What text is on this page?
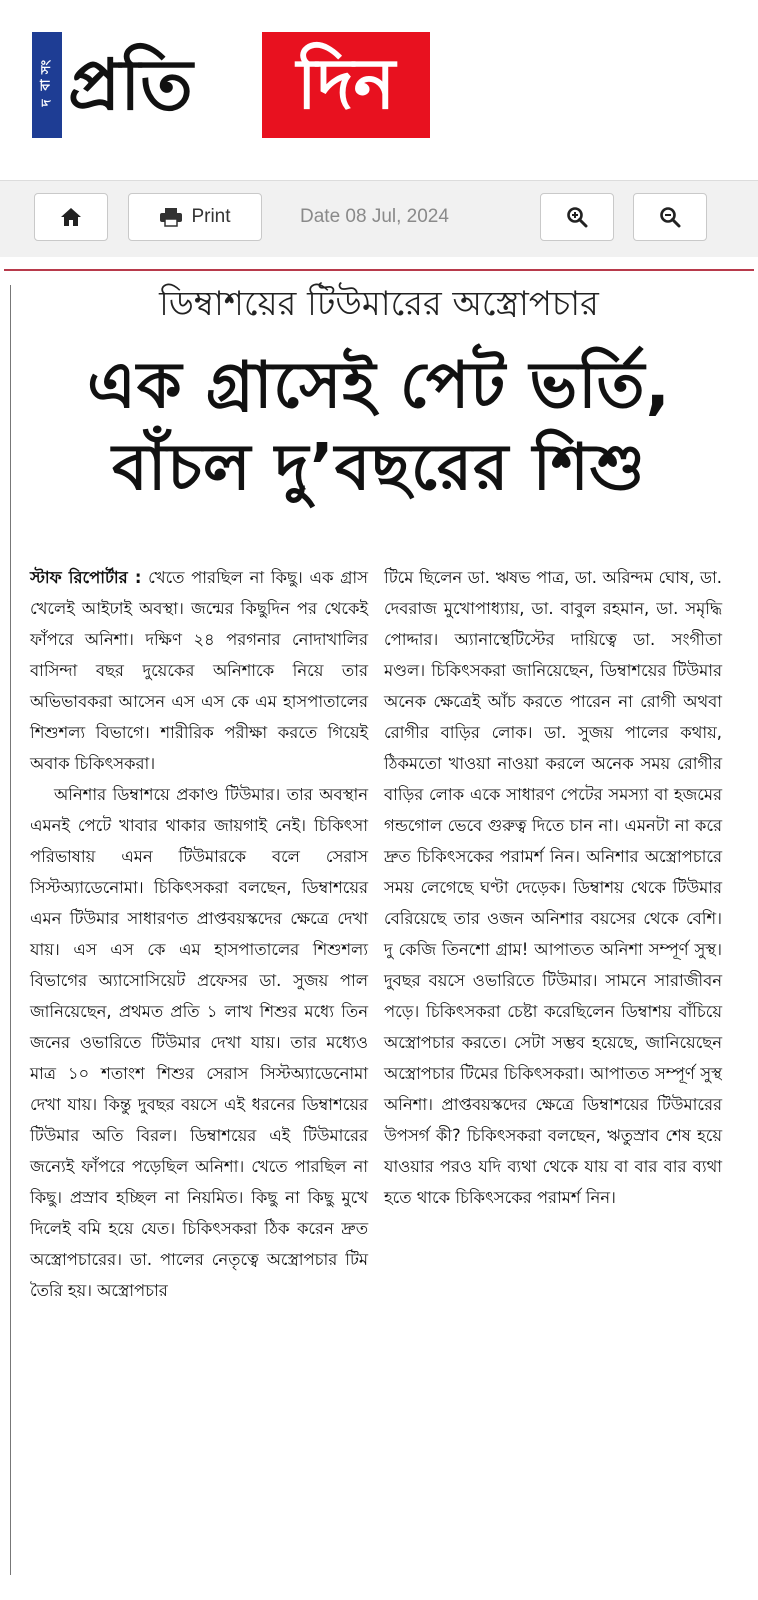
সং
বা
দ প্রতি	দিন
Print	Date 08 Jul, 2024
ডিম্বাশয়ের টিউমারের অস্ত্রোপচার
এক গ্রাসেই পেট ভর্তি,
বাঁচল দু’বছরের শিশু

স্টাফ রিপোর্টার : খেতে পারছিল না কিছু। এক গ্রাস খেলেই আইঢাই অবস্থা। জন্মের কিছুদিন পর থেকেই ফাঁপরে অনিশা। দক্ষিণ ২৪ পরগনার নোদাখালির বাসিন্দা বছর দুয়েকের অনিশাকে নিয়ে তার অভিভাবকরা আসেন এস এস কে এম হাসপাতালের শিশুশল্য বিভাগে। শারীরিক পরীক্ষা করতে গিয়েই অবাক চিকিৎসকরা।

অনিশার ডিম্বাশয়ে প্রকাণ্ড টিউমার। তার অবস্থান এমনই পেটে খাবার থাকার জায়গাই নেই। চিকিৎসা পরিভাষায় এমন টিউমারকে বলে সেরাস সিস্টঅ্যাডেনোমা। চিকিৎসকরা বলছেন, ডিম্বাশয়ের এমন টিউমার সাধারণত প্রাপ্তবয়স্কদের ক্ষেত্রে দেখা যায়। এস এস কে এম হাসপাতালের শিশুশল্য বিভাগের অ্যাসোসিয়েট প্রফেসর ডা. সুজয় পাল জানিয়েছেন, প্রথমত প্রতি ১ লাখ শিশুর মধ্যে তিন জনের ওভারিতে টিউমার দেখা যায়। তার মধ্যেও মাত্র ১০ শতাংশ শিশুর সেরাস সিস্টঅ্যাডেনোমা দেখা যায়। কিন্তু দুবছর বয়সে এই ধরনের ডিম্বাশয়ের টিউমার অতি বিরল। ডিম্বাশয়ের এই টিউমারের জন্যেই ফাঁপরে পড়েছিল অনিশা। খেতে পারছিল না কিছু। প্রস্রাব হচ্ছিল না নিয়মিত। কিছু না কিছু মুখে দিলেই বমি হয়ে যেত। চিকিৎসকরা ঠিক করেন দ্রুত অস্ত্রোপচারের। ডা. পালের নেতৃত্বে অস্ত্রোপচার টিম তৈরি হয়। অস্ত্রোপচার

টিমে ছিলেন ডা. ঋষভ পাত্র, ডা. অরিন্দম ঘোষ, ডা. দেবরাজ মুখোপাধ্যায়, ডা. বাবুল রহমান, ডা. সমৃদ্ধি পোদ্দার। অ্যানাস্থেটিস্টের দায়িত্বে ডা. সংগীতা মণ্ডল। চিকিৎসকরা জানিয়েছেন, ডিম্বাশয়ের টিউমার অনেক ক্ষেত্রেই আঁচ করতে পারেন না রোগী অথবা রোগীর বাড়ির লোক। ডা. সুজয় পালের কথায়, ঠিকমতো খাওয়া নাওয়া করলে অনেক সময় রোগীর বাড়ির লোক একে সাধারণ পেটের সমস্যা বা হজমের গন্ডগোল ভেবে গুরুত্ব দিতে চান না। এমনটা না করে দ্রুত চিকিৎসকের পরামর্শ নিন। অনিশার অস্ত্রোপচারে সময় লেগেছে ঘণ্টা দেড়েক। ডিম্বাশয় থেকে টিউমার বেরিয়েছে তার ওজন অনিশার বয়সের থেকে বেশি। দু কেজি তিনশো গ্রাম! আপাতত অনিশা সম্পূর্ণ সুস্থ। দুবছর বয়সে ওভারিতে টিউমার। সামনে সারাজীবন পড়ে। চিকিৎসকরা চেষ্টা করেছিলেন ডিম্বাশয় বাঁচিয়ে অস্ত্রোপচার করতে। সেটা সম্ভব হয়েছে, জানিয়েছেন অস্ত্রোপচার টিমের চিকিৎসকরা। আপাতত সম্পূর্ণ সুস্থ অনিশা। প্রাপ্তবয়স্কদের ক্ষেত্রে ডিম্বাশয়ের টিউমারের উপসর্গ কী? চিকিৎসকরা বলছেন, ঋতুস্রাব শেষ হয়ে যাওয়ার পরও যদি ব্যথা থেকে যায় বা বার বার ব্যথা হতে থাকে চিকিৎসকের পরামর্শ নিন।
